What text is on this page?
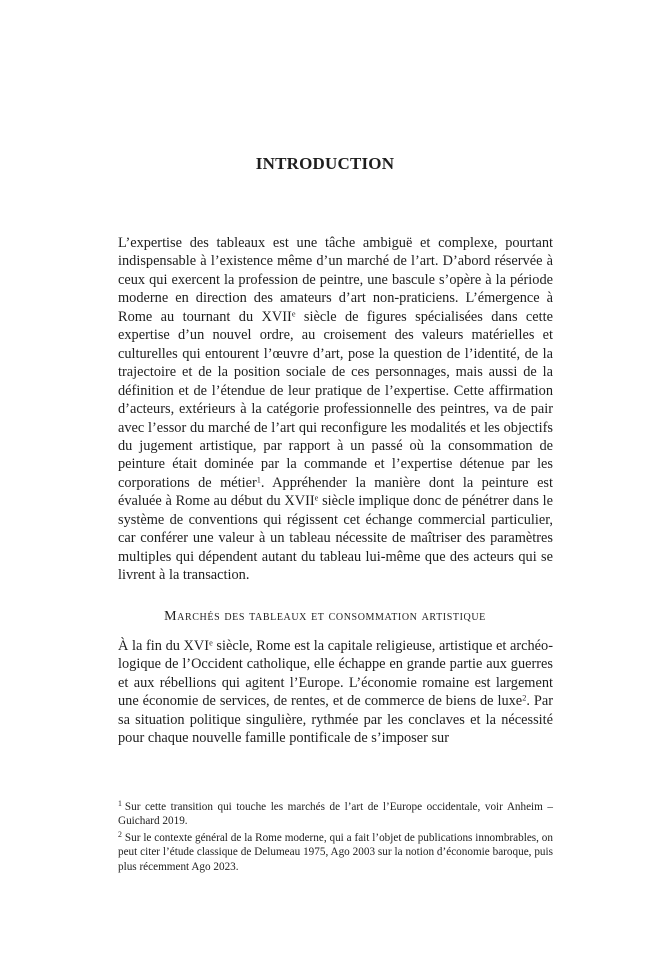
INTRODUCTION

L’expertise des tableaux est une tâche ambiguë et complexe, pourtant indispensable à l’existence même d’un marché de l’art. D’abord réservée à ceux qui exercent la profession de peintre, une bascule s’opère à la période moderne en direction des amateurs d’art non-praticiens. L’émergence à Rome au tournant du XVIIe siècle de figures spécialisées dans cette expertise d’un nouvel ordre, au croisement des valeurs matérielles et culturelles qui entourent l’œuvre d’art, pose la question de l’identité, de la trajectoire et de la position sociale de ces personnages, mais aussi de la définition et de l’étendue de leur pratique de l’expertise. Cette affirmation d’acteurs, extérieurs à la catégorie professionnelle des peintres, va de pair avec l’essor du marché de l’art qui reconfigure les modalités et les objectifs du jugement artistique, par rapport à un passé où la consommation de peinture était dominée par la commande et l’expertise détenue par les corporations de métier$^1$. Appréhender la manière dont la peinture est évaluée à Rome au début du XVIIe siècle implique donc de pénétrer dans le système de conventions qui régissent cet échange commercial particulier, car conférer une valeur à un tableau nécessite de maîtriser des paramètres multiples qui dépendent autant du tableau lui-même que des acteurs qui se livrent à la transaction.

Marchés des tableaux et consommation artistique

À la fin du XVIe siècle, Rome est la capitale religieuse, artistique et archéologique de l’Occident catholique, elle échappe en grande partie aux guerres et aux rébellions qui agitent l’Europe. L’économie romaine est largement une économie de services, de rentes, et de commerce de biens de luxe$^2$. Par sa situation politique singulière, rythmée par les conclaves et la nécessité pour chaque nouvelle famille pontificale de s’imposer sur

$^1$ Sur cette transition qui touche les marchés de l’art de l’Europe occidentale, voir Anheim – Guichard 2019.

$^2$ Sur le contexte général de la Rome moderne, qui a fait l’objet de publications innombrables, on peut citer l’étude classique de Delumeau 1975, Ago 2003 sur la notion d’économie baroque, puis plus récemment Ago 2023.
